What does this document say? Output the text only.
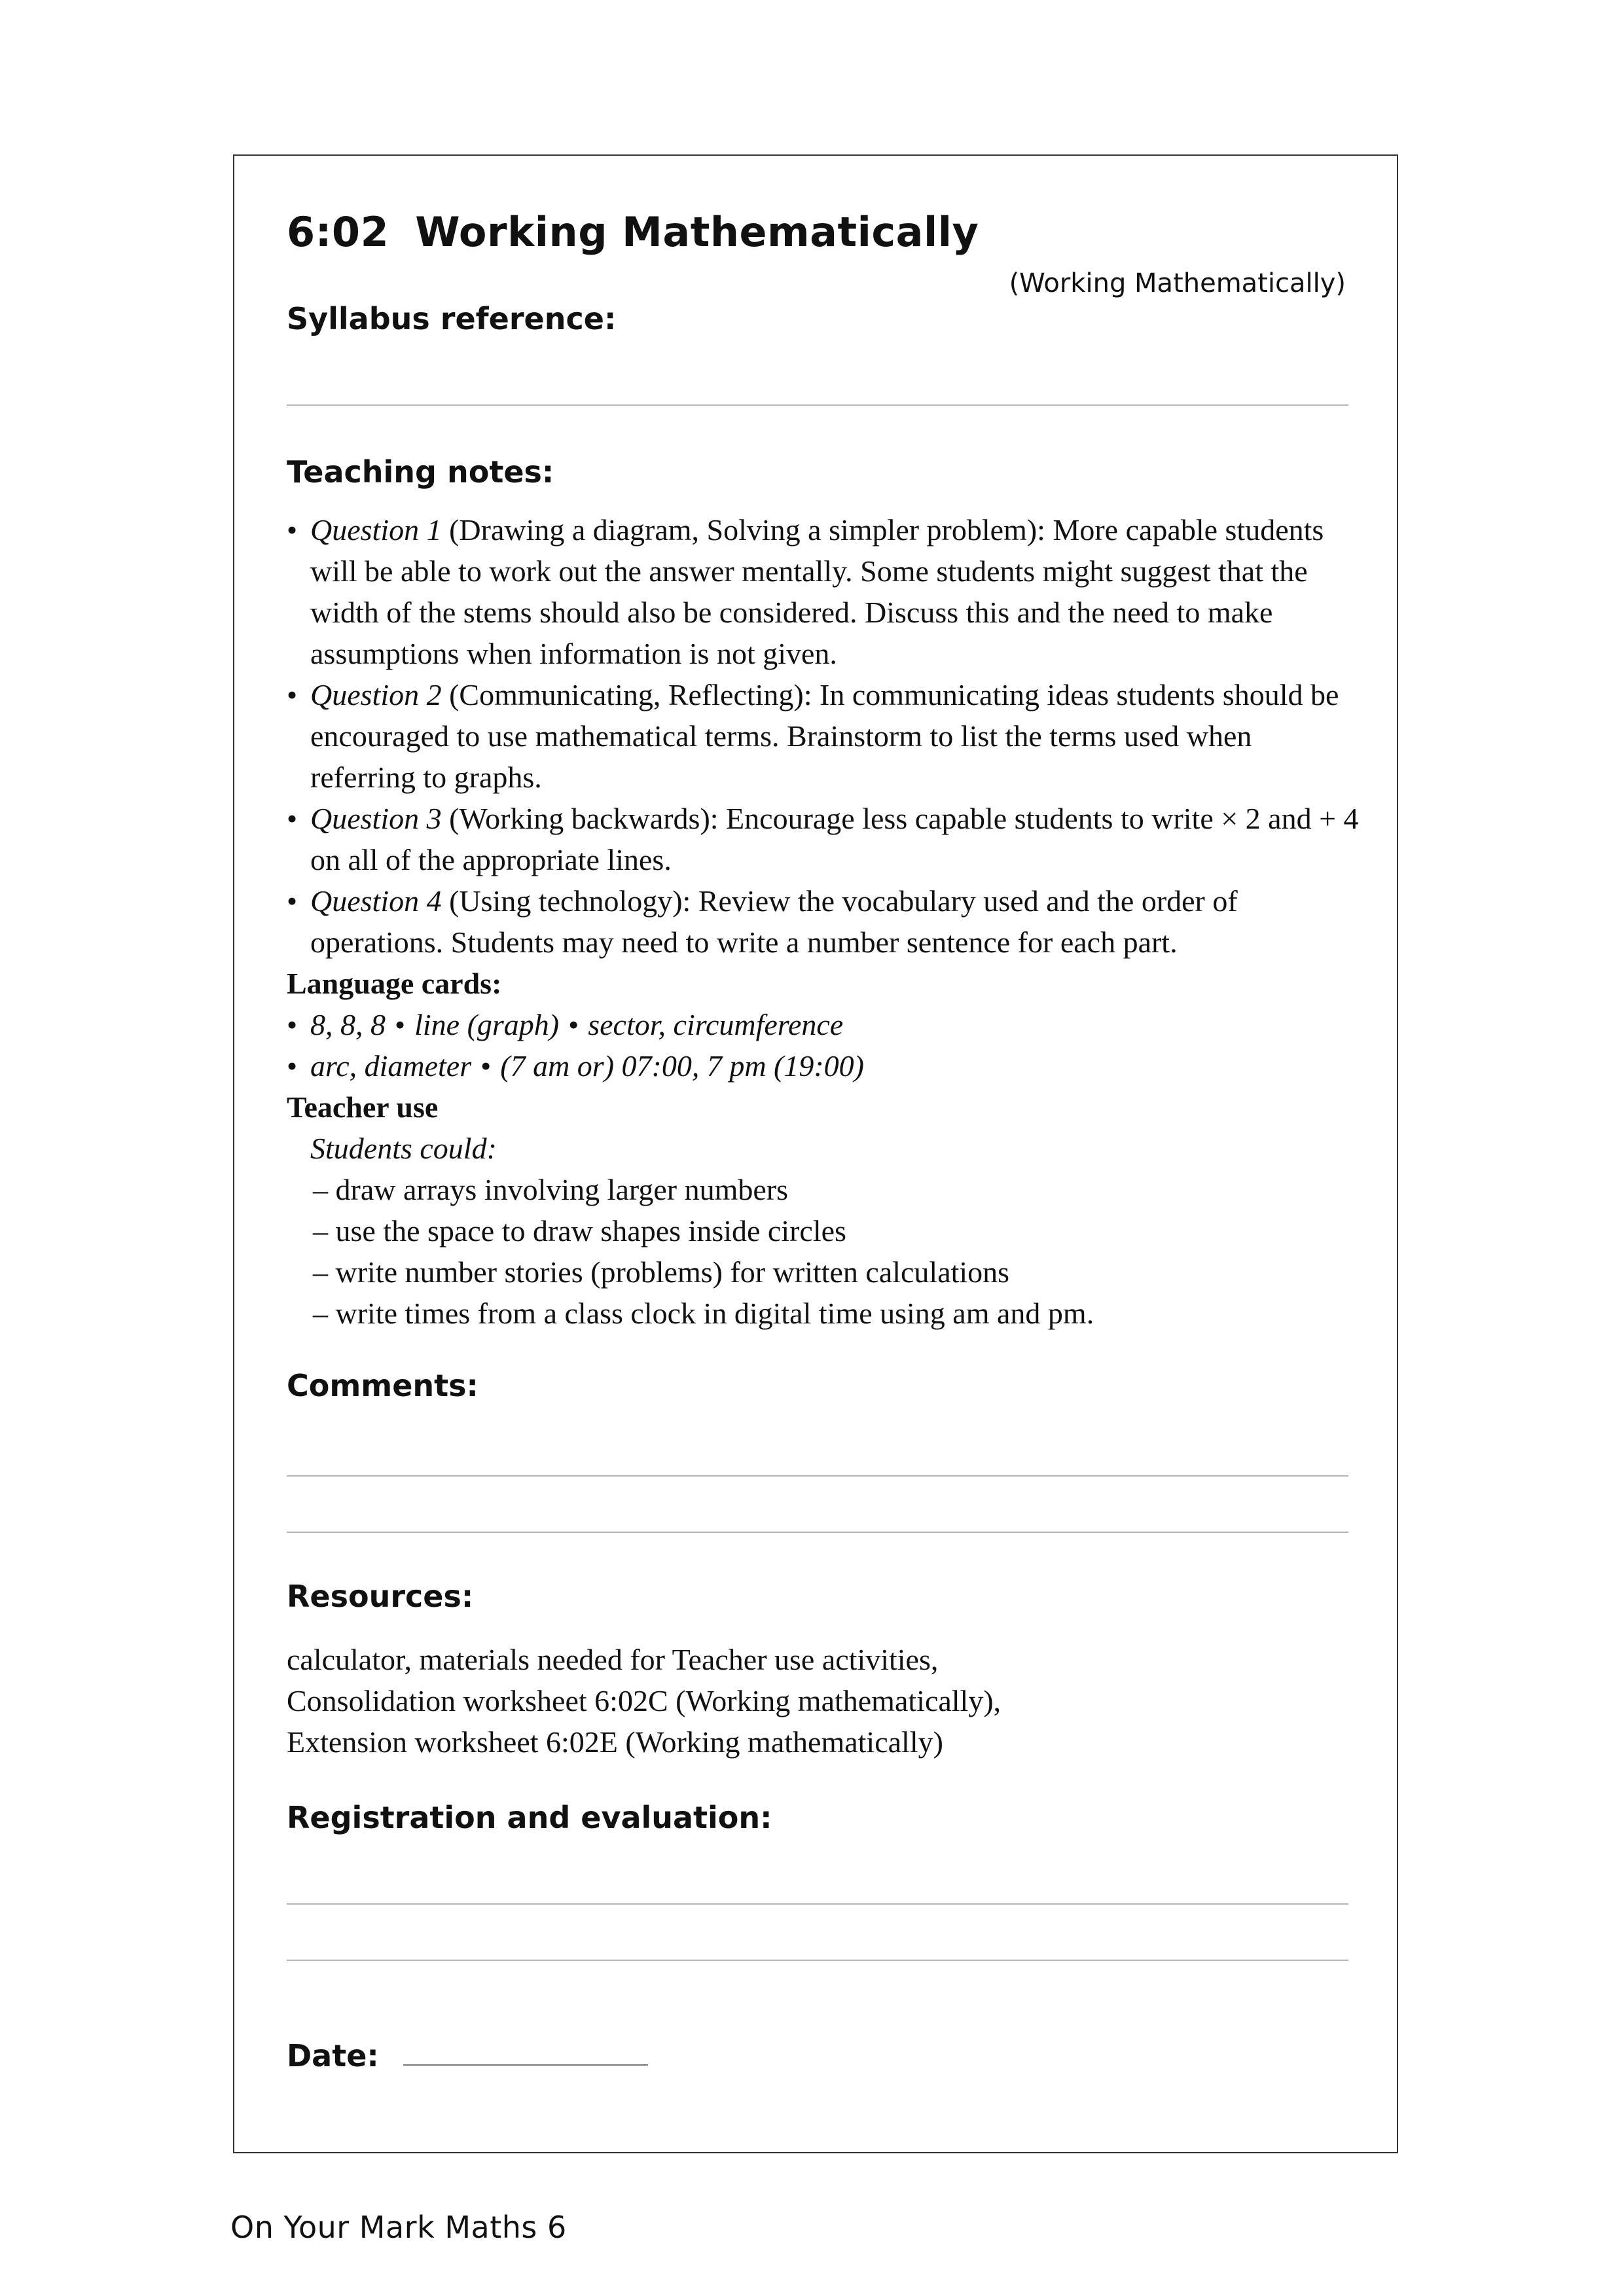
6:02 Working Mathematically
(Working Mathematically)
Syllabus reference:
Teaching notes:
• Question 1 (Drawing a diagram, Solving a simpler problem): More capable students will be able to work out the answer mentally. Some students might suggest that the width of the stems should also be considered. Discuss this and the need to make assumptions when information is not given.
• Question 2 (Communicating, Reflecting): In communicating ideas students should be encouraged to use mathematical terms. Brainstorm to list the terms used when referring to graphs.
• Question 3 (Working backwards): Encourage less capable students to write × 2 and + 4 on all of the appropriate lines.
• Question 4 (Using technology): Review the vocabulary used and the order of operations. Students may need to write a number sentence for each part.
Language cards:
• 8, 8, 8 • line (graph) • sector, circumference
• arc, diameter • (7 am or) 07:00, 7 pm (19:00)
Teacher use
Students could:
– draw arrays involving larger numbers
– use the space to draw shapes inside circles
– write number stories (problems) for written calculations
– write times from a class clock in digital time using am and pm.
Comments:
Resources:
calculator, materials needed for Teacher use activities,
Consolidation worksheet 6:02C (Working mathematically),
Extension worksheet 6:02E (Working mathematically)
Registration and evaluation:
Date:
On Your Mark Maths 6
